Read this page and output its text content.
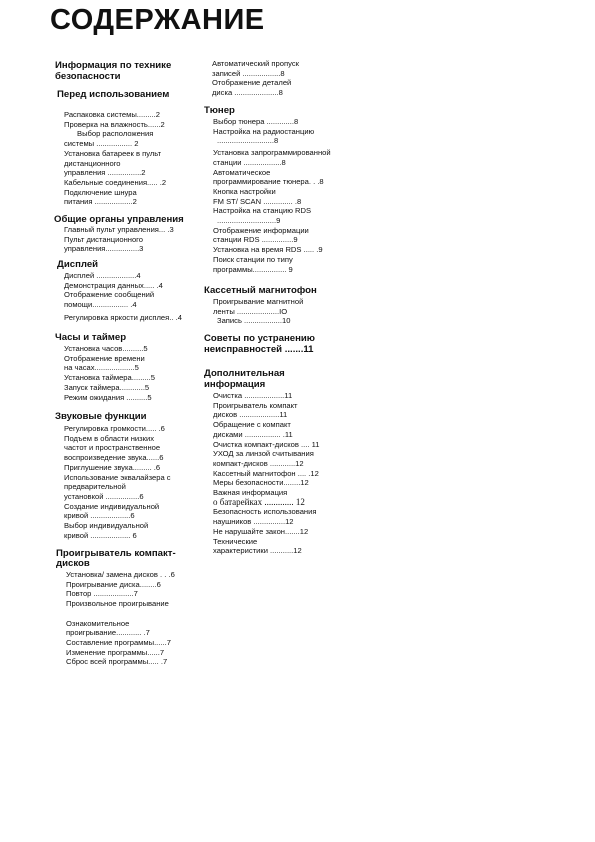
СОДЕРЖАНИЕ

Информация по технике

безопасности

Перед использованием

Распаковка системы.........2

Проверка на влажность......2

Выбор расположения

системы ................. 2

Установка батареек в пульт

дистанционного

управления ................2

Кабельные соединения..... .2

Подключение шнура

питания ..................2

Общие органы управления

Главный пульт управления... .3

Пульт дистанционного

управления................3

Дисплей

Дисплей ...................4

Демонстрация данных..... .4

Отображение сообщений

помощи................. .4

Регулировка яркости дисплея.. .4

Часы и таймер

Установка часов..........5

Отображение времени

на часах...................5

Установка таймера.........5

Запуск таймера............5

Режим ожидания ..........5

Звуковые функции

Регулировка громкости..... .6

Подъем в области низких

частот и пространственное

воспроизведение звука......6

Приглушение звука......... .6

Использование эквалайзера с

предварительной

установкой ................6

Создание индивидуальной

кривой ...................6

Выбор индивидуальной

кривой ................... 6

Проигрыватель компакт-

дисков

Установка/ замена дисков . . .6

Проигрывание диска........6

Повтор ...................7

Произвольное проигрывание

Ознакомительное

проигрывание............ .7

Составление программы......7

Изменение программы......7

Сброс всей программы..... .7

Автоматический пропуск

записей ..................8

Отображение деталей

диска .....................8

Тюнер

Выбор тюнера .............8

Настройка на радиостанцию

...........................8

Установка запрограммированной

станции ..................8

Автоматическое

программирование тюнера. . .8

Кнопка настройки

FM ST/ SCAN .............. .8

Настройка на станцию RDS

............................9

Отображение информации

станции RDS ...............9

Установка на время RDS ..... .9

Поиск станции по типу

программы................ 9

Кассетный магнитофон

Проигрывание магнитной

ленты ....................IO

Запись ..................10

Советы по устранению

неисправностей .......11

Дополнительная

информация

Очистка ...................11

Проигрыватель компакт

дисков ...................11

Обращение с компакт

дисками ................. .11

Очистка компакт-дисков .... 11

УХОД за линзой считывания

компакт-дисков ............12

Кассетный магнитофон .... .12

Меры безопасности........12

Важная информация

о батарейках ............. 12

Безопасность использования

наушников ...............12

Не нарушайте закон.......12

Технические

характеристики ...........12
